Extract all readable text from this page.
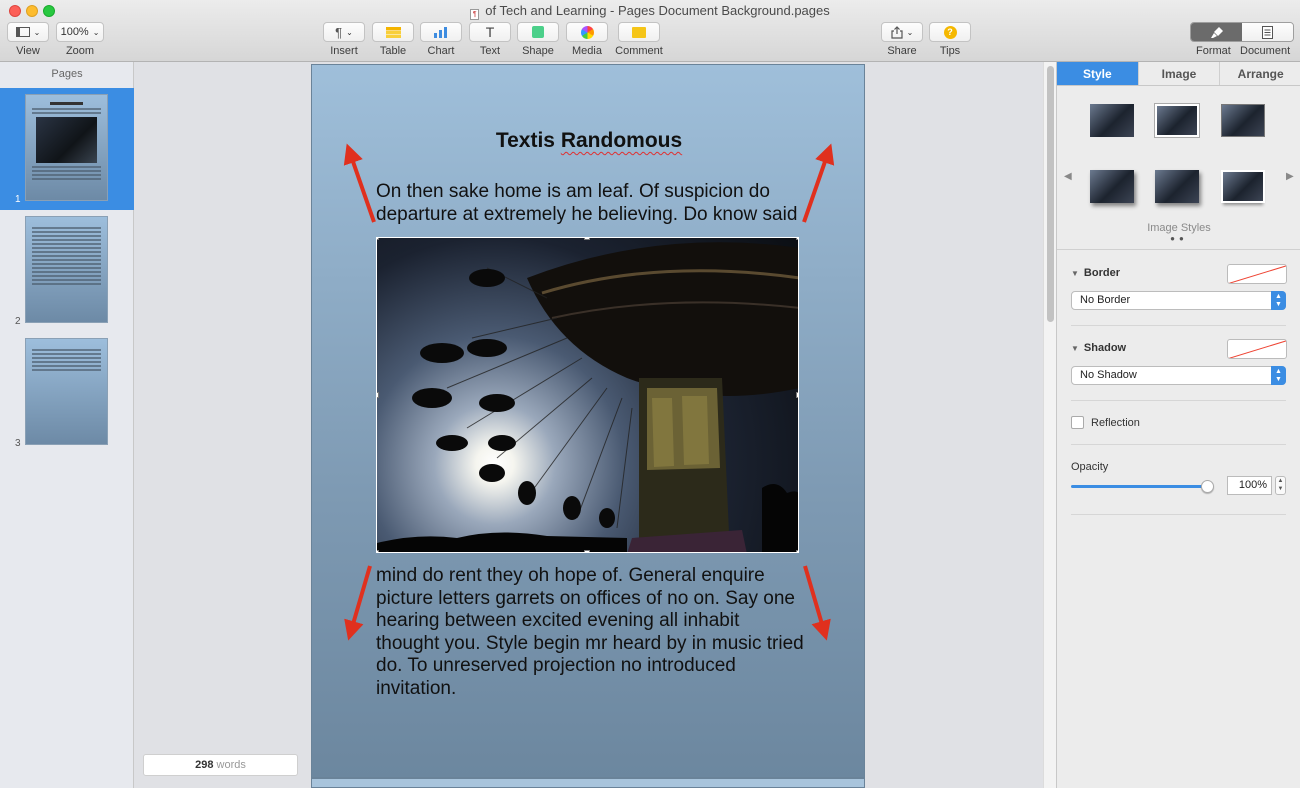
¶ of Tech and Learning - Pages Document Background.pages
⌄
View
100% ⌄
Zoom
¶ ⌄
Insert	Table	Chart
T
Text	Shape	Media	Comment
⌄
Share
?
Tips	Format Document
Pages
1
2
3
Textis Randomous
On then sake home is am leaf. Of suspicion do departure at extremely he believing. Do know said
mind do rent they oh hope of. General enquire picture letters garrets on offices of no on. Say one hearing between excited evening all inhabit thought you. Style begin mr heard by in music tried do. To unreserved projection no introduced invitation.
298 words
Style	Image	Arrange
◀	▶
Image Styles
●●
▼ Border
No Border	▲
▼
▼ Shadow
No Shadow	▲
▼
Reflection
Opacity
100%	▲
▼
